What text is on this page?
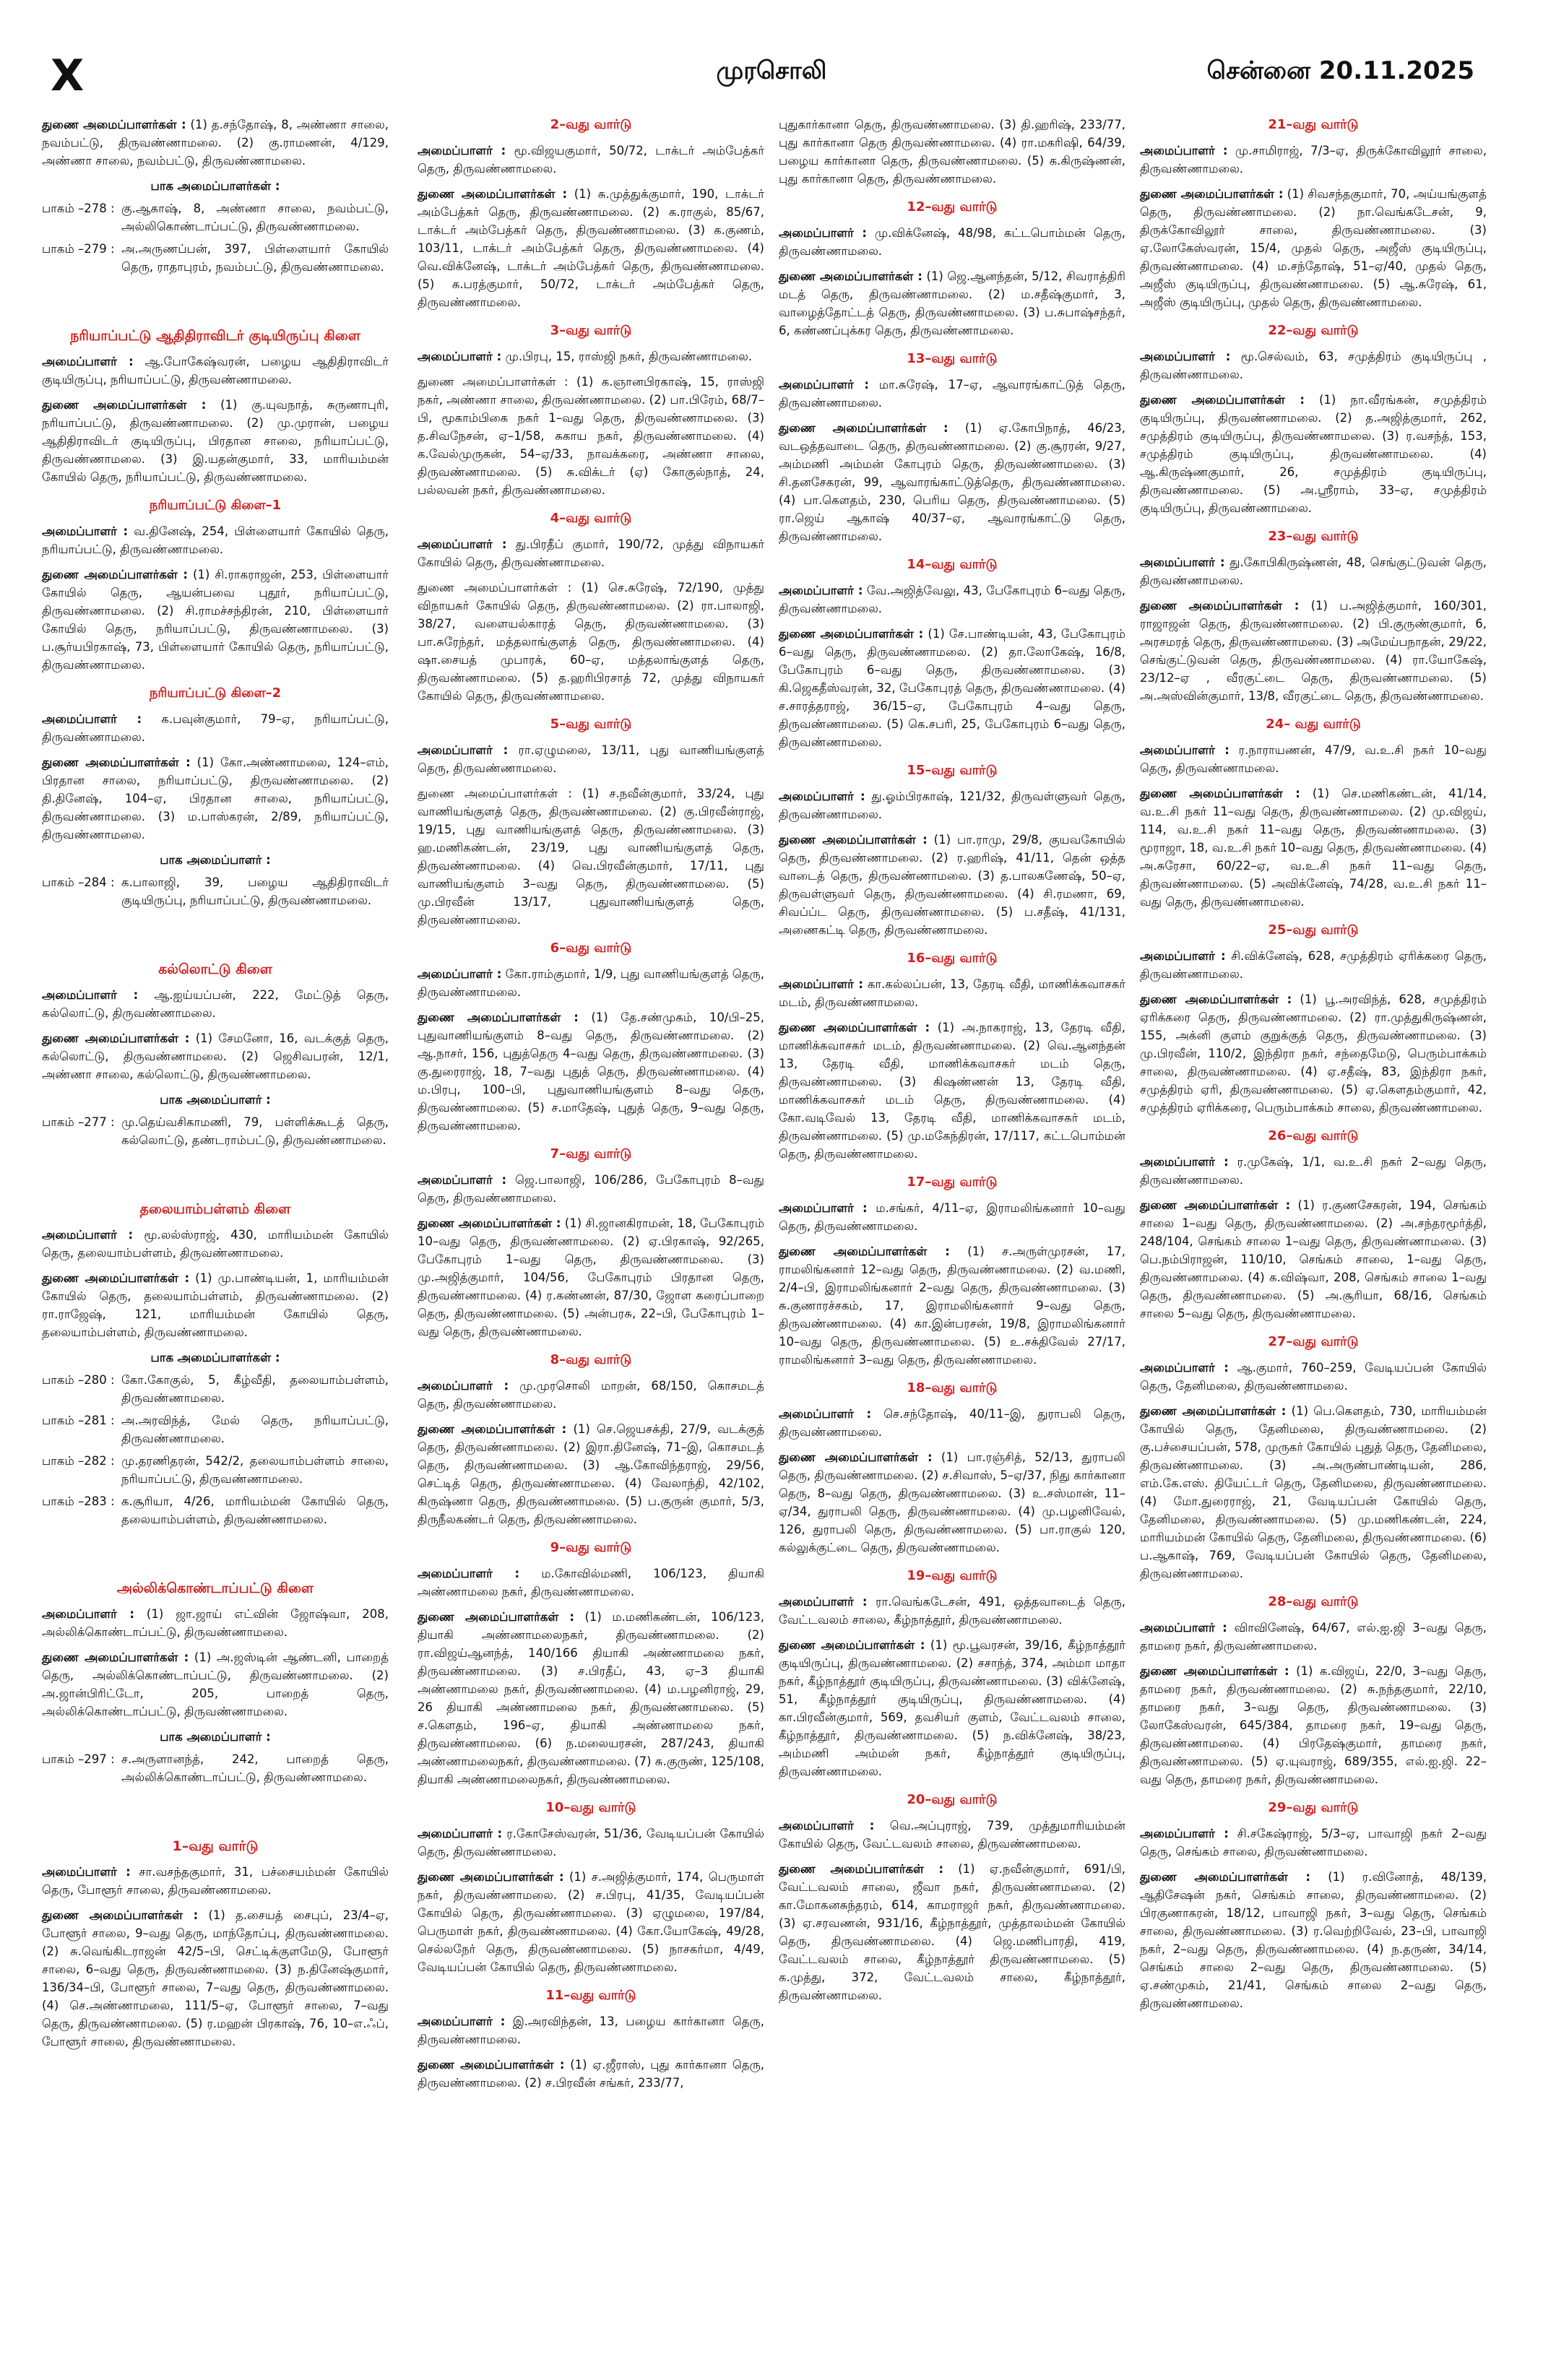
X	முரசொலி	சென்னை 20.11.2025
துணை அமைப்பாளர்கள் : (1) த.சந்தோஷ், 8, அண்ணா சாலை, நவம்பட்டு, திருவண்ணாமலை. (2) கு.ராமணன், 4/129, அண்ணா சாலை, நவம்பட்டு, திருவண்ணாமலை.
பாக அமைப்பாளர்கள் :
பாகம் –278 : கு.ஆகாஷ், 8, அண்ணா சாலை, நவம்பட்டு, அல்லிகொண்டாப்பட்டு, திருவண்ணாமலை.
பாகம் –279 : அ.அருணப்பன், 397, பிள்ளையார் கோயில் தெரு, ராதாபுரம், நவம்பட்டு, திருவண்ணாமலை.
நரியாப்பட்டு ஆதிதிராவிடர் குடியிருப்பு கிளை
அமைப்பாளர் : ஆ.போகேஷ்வரன், பழைய ஆதிதிராவிடர் குடியிருப்பு, நரியாப்பட்டு, திருவண்ணாமலை.
துணை அமைப்பாளர்கள் : (1) கு.யுவநாத், சுருணாபுரி, நரியாப்பட்டு, திருவண்ணாமலை. (2) மு.முரான், பழைய ஆதிதிராவிடர் குடியிருப்பு, பிரதான சாலை, நரியாப்பட்டு, திருவண்ணாமலை. (3) இ.யதன்குமார், 33, மாரியம்மன் கோயில் தெரு, நரியாப்பட்டு, திருவண்ணாமலை.
நரியாப்பட்டு கிளை–1
அமைப்பாளர் : வ.தினேஷ், 254, பிள்ளையார் கோயில் தெரு, நரியாப்பட்டு, திருவண்ணாமலை.
துணை அமைப்பாளர்கள் : (1) சி.ராகராஜன், 253, பிள்ளையார் கோயில் தெரு, ஆயன்பவை புதூர், நரியாப்பட்டு, திருவண்ணாமலை. (2) சி.ராமச்சந்திரன், 210, பிள்ளையார் கோயில் தெரு, நரியாப்பட்டு, திருவண்ணாமலை. (3) ப.சூர்யபிரகாஷ், 73, பிள்ளையார் கோயில் தெரு, நரியாப்பட்டு, திருவண்ணாமலை.
நரியாப்பட்டு கிளை–2
அமைப்பாளர் : க.பவுன்குமார், 79–ஏ, நரியாப்பட்டு, திருவண்ணாமலை.
துணை அமைப்பாளர்கள் : (1) கோ.அண்ணாமலை, 124–எம், பிரதான சாலை, நரியாப்பட்டு, திருவண்ணாமலை. (2) தி.தினேஷ், 104–ஏ, பிரதான சாலை, நரியாப்பட்டு, திருவண்ணாமலை. (3) ம.பாஸ்கரன், 2/89, நரியாப்பட்டு, திருவண்ணாமலை.
பாக அமைப்பாளர் :
பாகம் –284 : க.பாலாஜி, 39, பழைய ஆதிதிராவிடர் குடியிருப்பு, நரியாப்பட்டு, திருவண்ணாமலை.
கல்லொட்டு கிளை
அமைப்பாளர் : ஆ.ஐய்யப்பன், 222, மேட்டுத் தெரு, கல்லொட்டு, திருவண்ணாமலை.
துணை அமைப்பாளர்கள் : (1) சேமனோ, 16, வடக்குத் தெரு, கல்லொட்டு, திருவண்ணாமலை. (2) ஜெசிவபரன், 12/1, அண்ணா சாலை, கல்லொட்டு, திருவண்ணாமலை.
பாக அமைப்பாளர் :
பாகம் –277 : மு.தெய்வசிகாமணி, 79, பள்ளிக்கூடத் தெரு, கல்லொட்டு, தண்டராம்பட்டு, திருவண்ணாமலை.
தலையாம்பள்ளம் கிளை
அமைப்பாளர் : மூ.லல்ஸ்ராஜ், 430, மாரியம்மன் கோயில் தெரு, தலையாம்பள்ளம், திருவண்ணாமலை.
துணை அமைப்பாளர்கள் : (1) மு.பாண்டியன், 1, மாரியம்மன் கோயில் தெரு, தலையாம்பள்ளம், திருவண்ணாமலை. (2) ரா.ராஜேஷ், 121, மாரியம்மன் கோயில் தெரு, தலையாம்பள்ளம், திருவண்ணாமலை.
பாக அமைப்பாளர்கள் :
பாகம் –280 : கோ.கோகுல், 5, கீழ்வீதி, தலையாம்பள்ளம், திருவண்ணாமலை.
பாகம் –281 : அ.அரவிந்த், மேல் தெரு, நரியாப்பட்டு, திருவண்ணாமலை.
பாகம் –282 : மு.தரணிதரன், 542/2, தலையாம்பள்ளம் சாலை, நரியாப்பட்டு, திருவண்ணாமலை.
பாகம் –283 : க.சூரியா, 4/26, மாரியம்மன் கோயில் தெரு, தலையாம்பள்ளம், திருவண்ணாமலை.
அல்லிக்கொண்டாப்பட்டு கிளை
அமைப்பாளர் : (1) ஜா.ஜாய் எட்வின் ஜோஷ்வா, 208, அல்லிக்கொண்டாப்பட்டு, திருவண்ணாமலை.
துணை அமைப்பாளர்கள் : (1) அ.ஜஸ்டின் ஆண்டனி, பாறைத் தெரு, அல்லிக்கொண்டாப்பட்டு, திருவண்ணாமலை. (2) அ.ஜான்பிரிட்டோ, 205, பாறைத் தெரு, அல்லிக்கொண்டாப்பட்டு, திருவண்ணாமலை.
பாக அமைப்பாளர் :
பாகம் –297 : ச.அருளானந்த், 242, பாறைத் தெரு, அல்லிக்கொண்டாப்பட்டு, திருவண்ணாமலை.
1–வது வார்டு
அமைப்பாளர் : சா.வசந்தகுமார், 31, பச்சையம்மன் கோயில் தெரு, போளூர் சாலை, திருவண்ணாமலை.
துணை அமைப்பாளர்கள் : (1) த.சையத் சைபுப், 23/4–ஏ, போளூர் சாலை, 9–வது தெரு, மாந்தோப்பு, திருவண்ணாமலை. (2) சு.வெங்கிடராஜன் 42/5–பி, செட்டிக்குளமேடு, போளூர் சாலை, 6–வது தெரு, திருவண்ணாமலை. (3) ந.தினேஷ்குமார், 136/34–பி, போளூர் சாலை, 7–வது தெரு, திருவண்ணாமலை. (4) செ.அண்ணாமலை, 111/5–ஏ, போளூர் சாலை, 7–வது தெரு, திருவண்ணாமலை. (5) ர.மஹன் பிரகாஷ், 76, 10–எ.ஃப், போளூர் சாலை, திருவண்ணாமலை.
2–வது வார்டு
அமைப்பாளர் : மூ.விஜயகுமார், 50/72, டாக்டர் அம்பேத்கர் தெரு, திருவண்ணாமலை.
துணை அமைப்பாளர்கள் : (1) சு.முத்துக்குமார், 190, டாக்டர் அம்பேத்கர் தெரு, திருவண்ணாமலை. (2) க.ராகுல், 85/67, டாக்டர் அம்பேத்கர் தெரு, திருவண்ணாமலை. (3) க.குணம், 103/11, டாக்டர் அம்பேத்கர் தெரு, திருவண்ணாமலை. (4) வெ.விக்னேஷ், டாக்டர் அம்பேத்கர் தெரு, திருவண்ணாமலை. (5) க.பரத்குமார், 50/72, டாக்டர் அம்பேத்கர் தெரு, திருவண்ணாமலை.
3–வது வார்டு
அமைப்பாளர் : மு.பிரபு, 15, ராஸ்ஜி நகர், திருவண்ணாமலை.
துணை அமைப்பாளர்கள் : (1) க.ஞானபிரகாஷ், 15, ராஸ்ஜி நகர், அண்ணா சாலை, திருவண்ணாமலை. (2) பா.பிரேம், 68/7–பி, மூகாம்பிகை நகர் 1–வது தெரு, திருவண்ணாமலை. (3) த.சிவநேசன், ஏ–1/58, சுகாய நகர், திருவண்ணாமலை. (4) க.வேல்முருகன், 54–ஏ/33, நாவக்கரை, அண்ணா சாலை, திருவண்ணாமலை. (5) சு.விக்டர் (ஏ) கோகுல்நாத், 24, பல்லவன் நகர், திருவண்ணாமலை.
4–வது வார்டு
அமைப்பாளர் : து.பிரதீப் குமார், 190/72, முத்து விநாயகர் கோயில் தெரு, திருவண்ணாமலை.
துணை அமைப்பாளர்கள் : (1) செ.சுரேஷ், 72/190, முத்து விநாயகர் கோயில் தெரு, திருவண்ணாமலை. (2) ரா.பாலாஜி, 38/27, வளையல்காரத் தெரு, திருவண்ணாமலை. (3) பா.சுரேந்தர், மத்தலாங்குளத் தெரு, திருவண்ணாமலை. (4) ஷா.சையத் முபாரக், 60–ஏ, மத்தலாங்குளத் தெரு, திருவண்ணாமலை. (5) த.ஹரிபிரசாத் 72, முத்து விநாயகர் கோயில் தெரு, திருவண்ணாமலை.
5–வது வார்டு
அமைப்பாளர் : ரா.ஏழுமலை, 13/11, புது வாணியங்குளத் தெரு, திருவண்ணாமலை.
துணை அமைப்பாளர்கள் : (1) ச.நவீன்குமார், 33/24, புது வாணியங்குளத் தெரு, திருவண்ணாமலை. (2) கு.பிரவீன்ராஜ், 19/15, புது வாணியங்குளத் தெரு, திருவண்ணாமலை. (3) ஹ.மணிகண்டன், 23/19, புது வாணியங்குளத் தெரு, திருவண்ணாமலை. (4) வெ.பிரவீன்குமார், 17/11, புது வாணியங்குளம் 3–வது தெரு, திருவண்ணாமலை. (5) மு.பிரவீன் 13/17, புதுவாணியங்குளத் தெரு, திருவண்ணாமலை.
6–வது வார்டு
அமைப்பாளர் : கோ.ராம்குமார், 1/9, புது வாணியங்குளத் தெரு, திருவண்ணாமலை.
துணை அமைப்பாளர்கள் : (1) தே.சண்முகம், 10/பி–25, புதுவாணியங்குளம் 8–வது தெரு, திருவண்ணாமலை. (2) ஆ.நாசர், 156, புதுத்தெரு 4–வது தெரு, திருவண்ணாமலை. (3) கு.துரைராஜ், 18, 7–வது புதுத் தெரு, திருவண்ணாமலை. (4) ம.பிரபு, 100–பி, புதுவாணியங்குளம் 8–வது தெரு, திருவண்ணாமலை. (5) ச.மாதேஷ், புதுத் தெரு, 9–வது தெரு, திருவண்ணாமலை.
7–வது வார்டு
அமைப்பாளர் : ஜெ.பாலாஜி, 106/286, பேகோபுரம் 8–வது தெரு, திருவண்ணாமலை.
துணை அமைப்பாளர்கள் : (1) சி.ஜானகிராமன், 18, பேகோபுரம் 10–வது தெரு, திருவண்ணாமலை. (2) ஏ.பிரகாஷ், 92/265, பேகோபுரம் 1–வது தெரு, திருவண்ணாமலை. (3) மு.அஜித்குமார், 104/56, பேகோபுரம் பிரதான தெரு, திருவண்ணாமலை. (4) ர.கண்ணன், 87/30, ஜோள கரைப்பாறை தெரு, திருவண்ணாமலை. (5) அன்பரசு, 22–பி, பேகோபுரம் 1–வது தெரு, திருவண்ணாமலை.
8–வது வார்டு
அமைப்பாளர் : மு.முரசொலி மாறன், 68/150, கொசமடத் தெரு, திருவண்ணாமலை.
துணை அமைப்பாளர்கள் : (1) செ.ஜெயசக்தி, 27/9, வடக்குத் தெரு, திருவண்ணாமலை. (2) இரா.தினேஷ், 71–இ, கொசமடத் தெரு, திருவண்ணாமலை. (3) ஆ.கோவிந்தராஜ், 29/56, செட்டித் தெரு, திருவண்ணாமலை. (4) வேலாந்தி, 42/102, கிருஷ்ணா தெரு, திருவண்ணாமலை. (5) ப.குருன் குமார், 5/3, திருநீலகண்டர் தெரு, திருவண்ணாமலை.
9–வது வார்டு
அமைப்பாளர் : ம.கோவில்மணி, 106/123, தியாகி அண்ணாமலை நகர், திருவண்ணாமலை.
துணை அமைப்பாளர்கள் : (1) ம.மணிகண்டன், 106/123, தியாகி அண்ணாமலைநகர், திருவண்ணாமலை. (2) ரா.விஜய்ஆனந்த், 140/166 தியாகி அண்ணாமலை நகர், திருவண்ணாமலை. (3) ச.பிரதீப், 43, ஏ–3 தியாகி அண்ணாமலை நகர், திருவண்ணாமலை. (4) ம.பழனிராஜ், 29, 26 தியாகி அண்ணாமலை நகர், திருவண்ணாமலை. (5) ச.கௌதம், 196–ஏ, தியாகி அண்ணாமலை நகர், திருவண்ணாமலை. (6) ந.மலையரசன், 287/243, தியாகி அண்ணாமலைநகர், திருவண்ணாமலை. (7) சு.குருண், 125/108, தியாகி அண்ணாமலைநகர், திருவண்ணாமலை.
10–வது வார்டு
அமைப்பாளர் : ர.கோசேஸ்வரன், 51/36, வேடியப்பன் கோயில் தெரு, திருவண்ணாமலை.
துணை அமைப்பாளர்கள் : (1) ச.அஜித்குமார், 174, பெருமாள் நகர், திருவண்ணாமலை. (2) ச.பிரபு, 41/35, வேடியப்பன் கோயில் தெரு, திருவண்ணாமலை. (3) ஏழுமலை, 197/84, பெருமாள் நகர், திருவண்ணாமலை. (4) கோ.யோகேஷ், 49/28, செல்லநேர் தெரு, திருவண்ணாமலை. (5) நாசகர்மா, 4/49, வேடியப்பன் கோயில் தெரு, திருவண்ணாமலை.
11–வது வார்டு
அமைப்பாளர் : இ.அரவிந்தன், 13, பழைய கார்கானா தெரு, திருவண்ணாமலை.
துணை அமைப்பாளர்கள் : (1) ஏ.ஜீராஸ், புது கார்கானா தெரு, திருவண்ணாமலை. (2) ச.பிரவீன் சங்கர், 233/77,
புதுகார்கானா தெரு, திருவண்ணாமலை. (3) தி.ஹரிஷ், 233/77, புது கார்கானா தெரு திருவண்ணாமலை. (4) ரா.மகரிஷி, 64/39, பழைய கார்கானா தெரு, திருவண்ணாமலை. (5) க.கிருஷ்ணன், புது கார்கானா தெரு, திருவண்ணாமலை.
12–வது வார்டு
அமைப்பாளர் : மு.விக்னேஷ், 48/98, கட்டபொம்மன் தெரு, திருவண்ணாமலை.
துணை அமைப்பாளர்கள் : (1) ஜெ.ஆனந்தன், 5/12, சிவராத்திரி மடத் தெரு, திருவண்ணாமலை. (2) ம.சதீஷ்குமார், 3, வாழைத்தோட்டத் தெரு, திருவண்ணாமலை. (3) ப.சுபாஷ்சந்தர், 6, கண்ணப்புக்கர தெரு, திருவண்ணாமலை.
13–வது வார்டு
அமைப்பாளர் : மா.சுரேஷ், 17–ஏ, ஆவாரங்காட்டுத் தெரு, திருவண்ணாமலை.
துணை அமைப்பாளர்கள் : (1) ஏ.கோபிநாத், 46/23, வடஒத்தவாடை தெரு, திருவண்ணாமலை. (2) கு.சூரரன், 9/27, அம்மணி அம்மன் கோபுரம் தெரு, திருவண்ணாமலை. (3) சி.தனசேகரன், 99, ஆவாரங்காட்டுத்தெரு, திருவண்ணாமலை. (4) பா.கௌதம், 230, பெரிய தெரு, திருவண்ணாமலை. (5) ரா.ஜெய் ஆகாஷ் 40/37–ஏ, ஆவாரங்காட்டு தெரு, திருவண்ணாமலை.
14–வது வார்டு
அமைப்பாளர் : வே.அஜித்வேலு, 43, பேகோபுரம் 6–வது தெரு, திருவண்ணாமலை.
துணை அமைப்பாளர்கள் : (1) சே.பாண்டியன், 43, பேகோபுரம் 6–வது தெரு, திருவண்ணாமலை. (2) தா.லோகேஷ், 16/8, பேகோபுரம் 6–வது தெரு, திருவண்ணாமலை. (3) கி.ஜெகதீஸ்வரன், 32, பேகோபுரத் தெரு, திருவண்ணாமலை. (4) ச.சாரத்தராஜ், 36/15–ஏ, பேகோபுரம் 4–வது தெரு, திருவண்ணாமலை. (5) கெ.சபரி, 25, பேகோபுரம் 6–வது தெரு, திருவண்ணாமலை.
15–வது வார்டு
அமைப்பாளர் : து.ஓம்பிரகாஷ், 121/32, திருவள்ளுவர் தெரு, திருவண்ணாமலை.
துணை அமைப்பாளர்கள் : (1) பா.ராமு, 29/8, குயவகோயில் தெரு, திருவண்ணாமலை. (2) ர.ஹரிஷ், 41/11, தென் ஒத்த வாடைத் தெரு, திருவண்ணாமலை. (3) த.பாலகணேஷ், 50–ஏ, திருவள்ளுவர் தெரு, திருவண்ணாமலை. (4) சி.ரமணா, 69, சிவப்ப்ட தெரு, திருவண்ணாமலை. (5) ப.சதீஷ், 41/131, அணைகட்டி தெரு, திருவண்ணாமலை.
16–வது வார்டு
அமைப்பாளர் : கா.கல்லப்பன், 13, தேரடி வீதி, மாணிக்கவாசகர் மடம், திருவண்ணாமலை.
துணை அமைப்பாளர்கள் : (1) அ.நாகராஜ், 13, தேரடி வீதி, மாணிக்கவாசகர் மடம், திருவண்ணாமலை. (2) வெ.ஆனந்தன் 13, தேரடி வீதி, மாணிக்கவாசகர் மடம் தெரு, திருவண்ணாமலை. (3) கிஷண்ணன் 13, தேரடி வீதி, மாணிக்கவாசகர் மடம் தெரு, திருவண்ணாமலை. (4) கோ.வடிவேல் 13, தேரடி வீதி, மாணிக்கவாசகர் மடம், திருவண்ணாமலை. (5) மு.மகேந்திரன், 17/117, கட்டபொம்மன் தெரு, திருவண்ணாமலை.
17–வது வார்டு
அமைப்பாளர் : ம.சங்கர், 4/11–ஏ, இராமலிங்கனார் 10–வது தெரு, திருவண்ணாமலை.
துணை அமைப்பாளர்கள் : (1) ச.அருள்முரசன், 17, ராமலிங்கனார் 12–வது தெரு, திருவண்ணாமலை. (2) வ.மணி, 2/4–பி, இராமலிங்கனார் 2–வது தெரு, திருவண்ணாமலை. (3) சு.குணாரச்சகம், 17, இராமலிங்கனார் 9–வது தெரு, திருவண்ணாமலை. (4) கா.இன்பரசன், 19/8, இராமலிங்கனார் 10–வது தெரு, திருவண்ணாமலை. (5) உ.சக்திவேல் 27/17, ராமலிங்கனார் 3–வது தெரு, திருவண்ணாமலை.
18–வது வார்டு
அமைப்பாளர் : செ.சந்தோஷ், 40/11–இ, துராபலி தெரு, திருவண்ணாமலை.
துணை அமைப்பாளர்கள் : (1) பா.ரஞ்சித், 52/13, துராபலி தெரு, திருவண்ணாமலை. (2) ச.சிவாஸ், 5–ஏ/37, நிது கார்கானா தெரு, 8–வது தெரு, திருவண்ணாமலை. (3) உ.சஸ்மான், 11–ஏ/34, துராபலி தெரு, திருவண்ணாமலை. (4) மு.பழனிவேல், 126, துராபலி தெரு, திருவண்ணாமலை. (5) பா.ராகுல் 120, கல்லுக்குட்டை தெரு, திருவண்ணாமலை.
19–வது வார்டு
அமைப்பாளர் : ரா.வெங்கடேசன், 491, ஒத்தவாடைத் தெரு, வேட்டவலம் சாலை, கீழ்நாத்தூர், திருவண்ணாமலை.
துணை அமைப்பாளர்கள் : (1) மூ.பூவரசன், 39/16, கீழ்நாத்தூர் குடியிருப்பு, திருவண்ணாமலை. (2) சசாந்த், 374, அம்மா மாதா நகர், கீழ்நாத்தூர் குடியிருப்பு, திருவண்ணாமலை. (3) விக்னேஷ், 51, கீழ்நாத்தூர் குடியிருப்பு, திருவண்ணாமலை. (4) கா.பிரவீன்குமார், 569, தவசியர் குளம், வேட்டவலம் சாலை, கீழ்நாத்தூர், திருவண்ணாமலை. (5) ந.விக்னேஷ், 38/23, அம்மணி அம்மன் நகர், கீழ்நாத்தூர் குடியிருப்பு, திருவண்ணாமலை.
20–வது வார்டு
அமைப்பாளர் : வெ.அப்புராஜ், 739, முத்துமாரியம்மன் கோயில் தெரு, வேட்டவலம் சாலை, திருவண்ணாமலை.
துணை அமைப்பாளர்கள் : (1) ஏ.நவீன்குமார், 691/பி, வேட்டவலம் சாலை, ஜீவா நகர், திருவண்ணாமலை. (2) கா.மோகனசுந்தரம், 614, காமராஜர் நகர், திருவண்ணாமலை. (3) ஏ.சரவணன், 931/16, கீழ்நாத்தூர், முத்தாலம்மன் கோயில் தெரு, திருவண்ணாமலை. (4) ஜெ.மணிபாரதி, 419, வேட்டவலம் சாலை, கீழ்நாத்தூர் திருவண்ணாமலை. (5) க.முத்து, 372, வேட்டவலம் சாலை, கீழ்நாத்தூர், திருவண்ணாமலை.
21–வது வார்டு
அமைப்பாளர் : மு.சாமிராஜ், 7/3–ஏ, திருக்கோவிலூர் சாலை, திருவண்ணாமலை.
துணை அமைப்பாளர்கள் : (1) சிவசந்தகுமார், 70, அய்யங்குளத் தெரு, திருவண்ணாமலை. (2) நா.வெங்கடேசன், 9, திருக்கோவிலூர் சாலை, திருவண்ணாமலை. (3) ஏ.லோகேஸ்வரன், 15/4, முதல் தெரு, அஜீஸ் குடியிருப்பு, திருவண்ணாமலை. (4) ம.சந்தோஷ், 51–ஏ/40, முதல் தெரு, அஜீஸ் குடியிருப்பு, திருவண்ணாமலை. (5) ஆ.சுரேஷ், 61, அஜீஸ் குடியிருப்பு, முதல் தெரு, திருவண்ணாமலை.
22–வது வார்டு
அமைப்பாளர் : மூ.செல்வம், 63, சமுத்திரம் குடியிருப்பு , திருவண்ணாமலை.
துணை அமைப்பாளர்கள் : (1) நா.வீரங்கன், சமுத்திரம் குடியிருப்பு, திருவண்ணாமலை. (2) த.அஜித்குமார், 262, சமுத்திரம் குடியிருப்பு, திருவண்ணாமலை. (3) ர.வசந்த், 153, சமுத்திரம் குடியிருப்பு, திருவண்ணாமலை. (4) ஆ.கிருஷ்ணகுமார், 26, சமுத்திரம் குடியிருப்பு, திருவண்ணாமலை. (5) அ.ஸ்ரீராம், 33–ஏ, சமுத்திரம் குடியிருப்பு, திருவண்ணாமலை.
23–வது வார்டு
அமைப்பாளர் : து.கோபிகிருஷ்ணன், 48, செங்குட்டுவன் தெரு, திருவண்ணாமலை.
துணை அமைப்பாளர்கள் : (1) ப.அஜித்குமார், 160/301, ராஜாஜன் தெரு, திருவண்ணாமலை. (2) பி.குருண்குமார், 6, அரசமரத் தெரு, திருவண்ணாமலை. (3) அமேய்பநாதன், 29/22, செங்குட்டுவன் தெரு, திருவண்ணாமலை. (4) ரா.யோகேஷ், 23/12–ஏ , வீரகுட்டை தெரு, திருவண்ணாமலை. (5) அ.அஸ்வின்குமார், 13/8, வீரகுட்டை தெரு, திருவண்ணாமலை.
24– வது வார்டு
அமைப்பாளர் : ர.நாராயணன், 47/9, வ.உ.சி நகர் 10–வது தெரு, திருவண்ணாமலை.
துணை அமைப்பாளர்கள் : (1) செ.மணிகண்டன், 41/14, வ.உ.சி நகர் 11–வது தெரு, திருவண்ணாமலை. (2) மு.விஜய், 114, வ.உ.சி நகர் 11–வது தெரு, திருவண்ணாமலை. (3) மூராஜா, 18, வ.உ.சி நகர் 10–வது தெரு, திருவண்ணாமலை. (4) அ.சுரேசா, 60/22–ஏ, வ.உ.சி நகர் 11–வது தெரு, திருவண்ணாமலை. (5) அவிக்னேஷ், 74/28, வ.உ.சி நகர் 11–வது தெரு, திருவண்ணாமலை.
25–வது வார்டு
அமைப்பாளர் : சி.விக்னேஷ், 628, சமுத்திரம் ஏரிக்கரை தெரு, திருவண்ணாமலை.
துணை அமைப்பாளர்கள் : (1) பூ.அரவிந்த், 628, சமுத்திரம் ஏரிக்கரை தெரு, திருவண்ணாமலை. (2) ரா.முத்துகிருஷ்ணன், 155, அக்னி குளம் குறுக்குத் தெரு, திருவண்ணாமலை. (3) மு.பிரவீன், 110/2, இந்திரா நகர், சந்தைமேடு, பெரும்பாக்கம் சாலை, திருவண்ணாமலை. (4) ஏ.சதீஷ், 83, இந்திரா நகர், சமுத்திரம் ஏரி, திருவண்ணாமலை. (5) ஏ.கௌதம்குமார், 42, சமுத்திரம் ஏரிக்கரை, பெரும்பாக்கம் சாலை, திருவண்ணாமலை.
26–வது வார்டு
அமைப்பாளர் : ர.முகேஷ், 1/1, வ.உ.சி நகர் 2–வது தெரு, திருவண்ணாமலை.
துணை அமைப்பாளர்கள் : (1) ர.குணசேகரன், 194, செங்கம் சாலை 1–வது தெரு, திருவண்ணாமலை. (2) அ.சந்தரமூர்த்தி, 248/104, செங்கம் சாலை 1–வது தெரு, திருவண்ணாமலை. (3) பெ.நம்பிராஜன், 110/10, செங்கம் சாலை, 1–வது தெரு, திருவண்ணாமலை. (4) க.விஷ்வா, 208, செங்கம் சாலை 1–வது தெரு, திருவண்ணாமலை. (5) அ.சூரியா, 68/16, செங்கம் சாலை 5–வது தெரு, திருவண்ணாமலை.
27–வது வார்டு
அமைப்பாளர் : ஆ.குமார், 760–259, வேடியப்பன் கோயில் தெரு, தேனிமலை, திருவண்ணாமலை.
துணை அமைப்பாளர்கள் : (1) பெ.கௌதம், 730, மாரியம்மன் கோயில் தெரு, தேனிமலை, திருவண்ணாமலை. (2) கு.பச்சையப்பன், 578, முருகர் கோயில் புதுத் தெரு, தேனிமலை, திருவண்ணாமலை. (3) அ.அருண்பாண்டியன், 286, எம்.கே.எஸ். தியேட்டர் தெரு, தேனிமலை, திருவண்ணாமலை. (4) மோ.துரைராஜ், 21, வேடியப்பன் கோயில் தெரு, தேனிமலை, திருவண்ணாமலை. (5) மு.மணிகண்டன், 224, மாரியம்மன் கோயில் தெரு, தேனிமலை, திருவண்ணாமலை. (6) ப.ஆகாஷ், 769, வேடியப்பன் கோயில் தெரு, தேனிமலை, திருவண்ணாமலை.
28–வது வார்டு
அமைப்பாளர் : விாவினேஷ், 64/67, எல்.ஐ.ஜி 3–வது தெரு, தாமரை நகர், திருவண்ணாமலை.
துணை அமைப்பாளர்கள் : (1) க.விஜய், 22/0, 3–வது தெரு, தாமரை நகர், திருவண்ணாமலை. (2) சு.நந்தகுமார், 22/10, தாமரை நகர், 3–வது தெரு, திருவண்ணாமலை. (3) லோகேஸ்வரன், 645/384, தாமரை நகர், 19–வது தெரு, திருவண்ணாமலை. (4) பிரதேஷ்குமார், தாமரை நகர், திருவண்ணாமலை. (5) ஏ.யுவராஜ், 689/355, எல்.ஐ.ஜி. 22–வது தெரு, தாமரை நகர், திருவண்ணாமலை.
29–வது வார்டு
அமைப்பாளர் : சி.சகேஷ்ராஜ், 5/3–ஏ, பாவாஜி நகர் 2–வது தெரு, செங்கம் சாலை, திருவண்ணாமலை.
துணை அமைப்பாளர்கள் : (1) ர.வினோத், 48/139, ஆதிசேஷன் நகர், செங்கம் சாலை, திருவண்ணாமலை. (2) பிரகுணாகரன், 18/12, பாவாஜி நகர், 3–வது தெரு, செங்கம் சாலை, திருவண்ணாமலை. (3) ர.வெற்றிவேல், 23–பி, பாவாஜி நகர், 2–வது தெரு, திருவண்ணாமலை. (4) ந.தருண், 34/14, செங்கம் சாலை 2–வது தெரு, திருவண்ணாமலை. (5) ஏ.சண்முகம், 21/41, செங்கம் சாலை 2–வது தெரு, திருவண்ணாமலை.
